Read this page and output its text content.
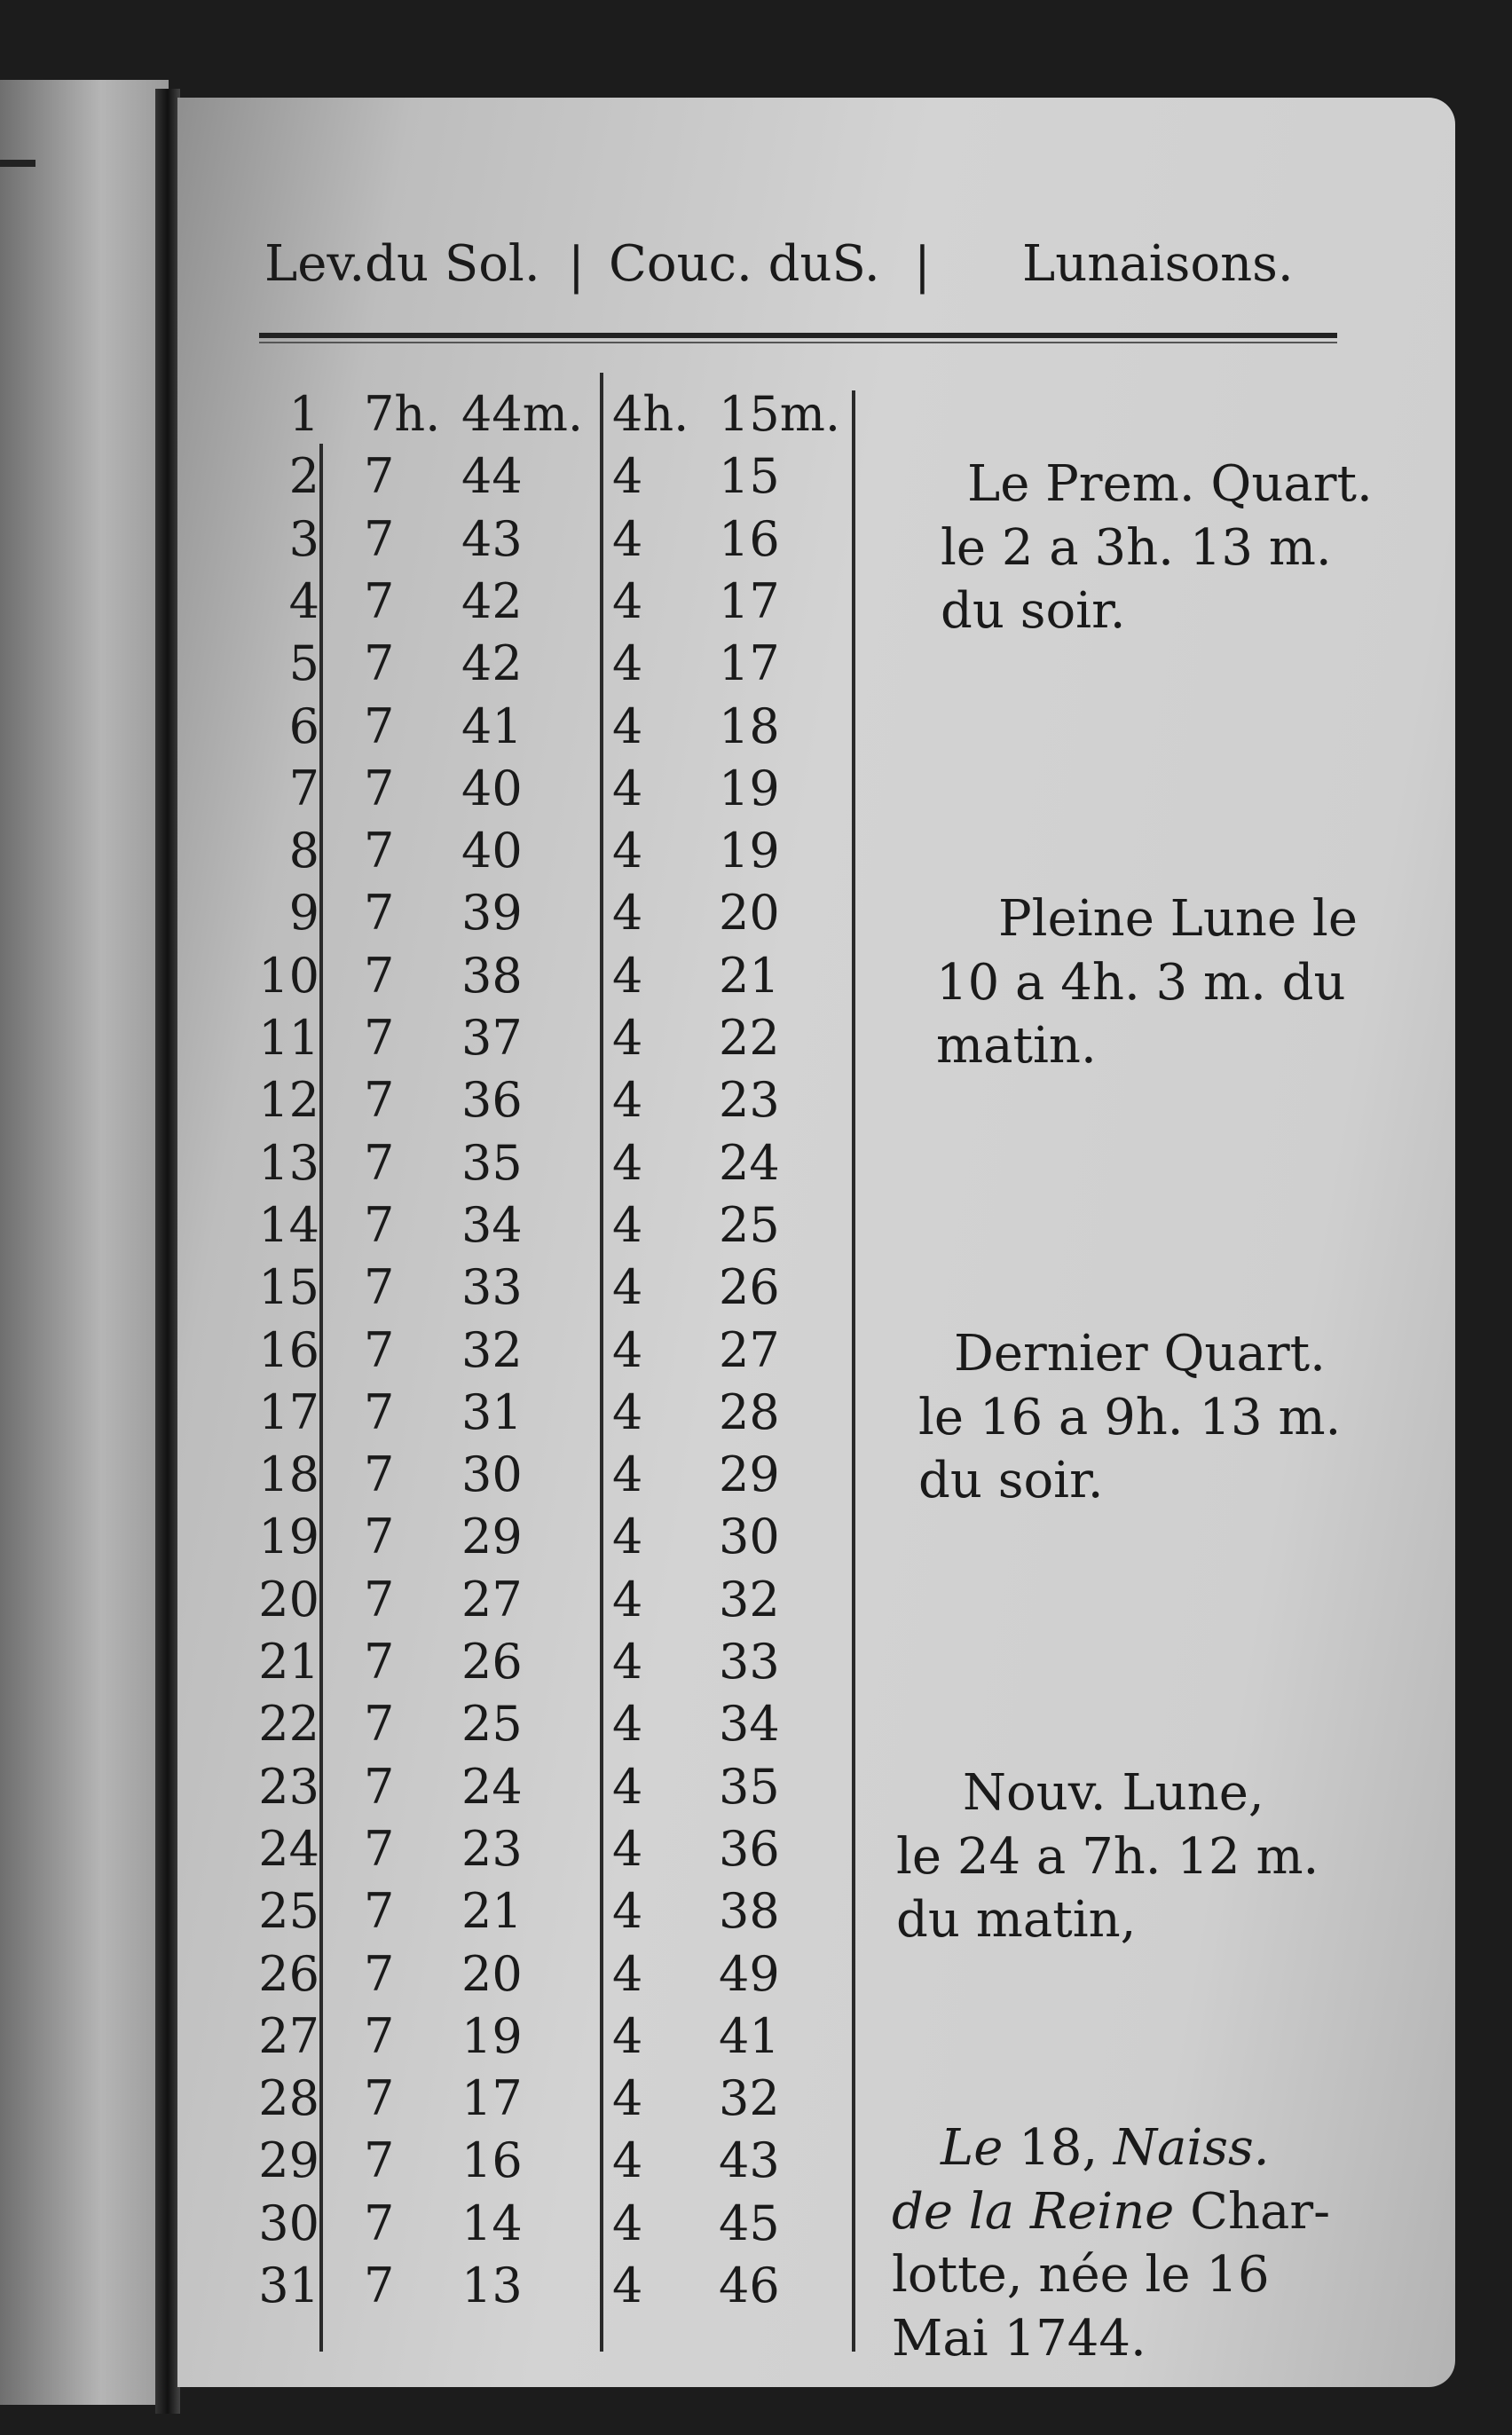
Lev.du Sol. | Couc. duS. | Lunaisons.
1 7h. 44m. 4h. 15m.
2 7 44 4 15
3 7 43 4 16
4 7 42 4 17
5 7 42 4 17
6 7 41 4 18
7 7 40 4 19
8 7 40 4 19
9 7 39 4 20
10 7 38 4 21
11 7 37 4 22
12 7 36 4 23
13 7 35 4 24
14 7 34 4 25
15 7 33 4 26
16 7 32 4 27
17 7 31 4 28
18 7 30 4 29
19 7 29 4 30
20 7 27 4 32
21 7 26 4 33
22 7 25 4 34
23 7 24 4 35
24 7 23 4 36
25 7 21 4 38
26 7 20 4 49
27 7 19 4 41
28 7 17 4 32
29 7 16 4 43
30 7 14 4 45
31 7 13 4 46
Le Prem. Quart.
le 2 a 3h. 13 m.
du soir.
Pleine Lune le
10 a 4h. 3 m. du
matin.
Dernier Quart.
le 16 a 9h. 13 m.
du soir.
Nouv. Lune,
le 24 a 7h. 12 m.
du matin,
Le 18, Naiss.
de la Reine Char-
lotte, née le 16
Mai 1744.
